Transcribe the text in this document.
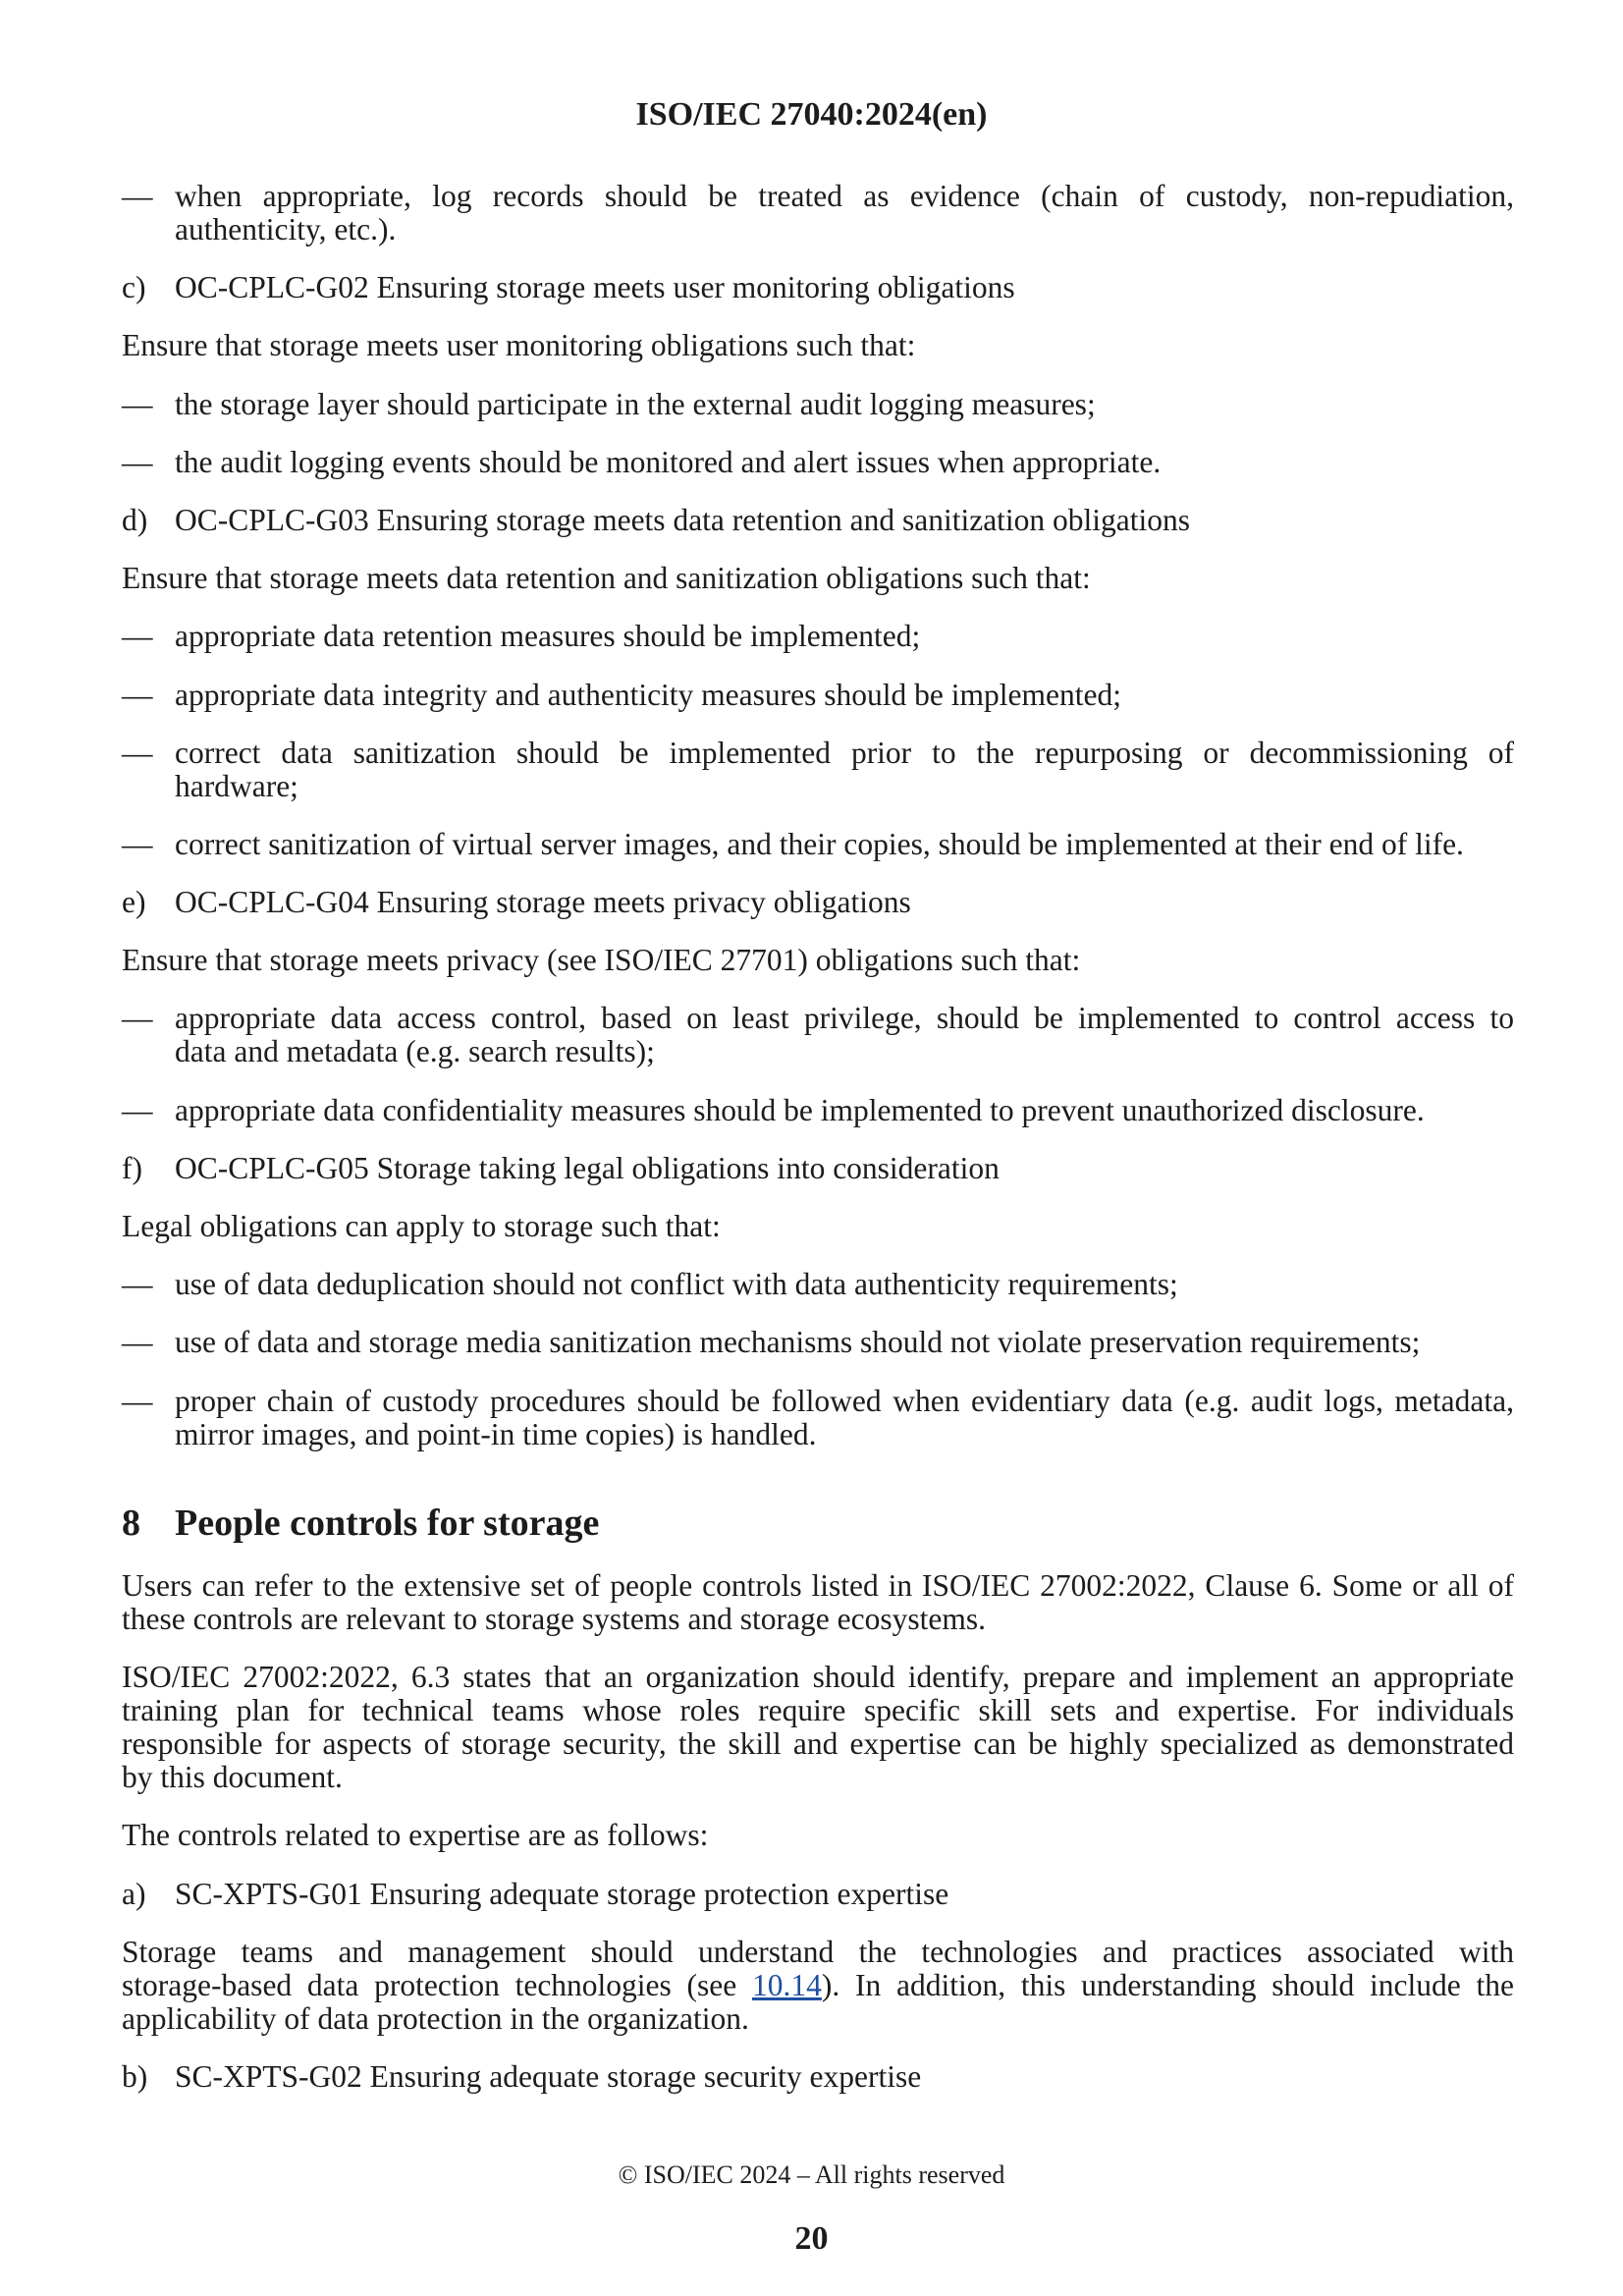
ISO/IEC 27040:2024(en)
— when appropriate, log records should be treated as evidence (chain of custody, non-repudiation,
authenticity, etc.).
c) OC-CPLC-G02 Ensuring storage meets user monitoring obligations
Ensure that storage meets user monitoring obligations such that:
— the storage layer should participate in the external audit logging measures;
— the audit logging events should be monitored and alert issues when appropriate.
d) OC-CPLC-G03 Ensuring storage meets data retention and sanitization obligations
Ensure that storage meets data retention and sanitization obligations such that:
— appropriate data retention measures should be implemented;
— appropriate data integrity and authenticity measures should be implemented;
— correct data sanitization should be implemented prior to the repurposing or decommissioning of
hardware;
— correct sanitization of virtual server images, and their copies, should be implemented at their end of life.
e) OC-CPLC-G04 Ensuring storage meets privacy obligations
Ensure that storage meets privacy (see ISO/IEC 27701) obligations such that:
— appropriate data access control, based on least privilege, should be implemented to control access to
data and metadata (e.g. search results);
— appropriate data confidentiality measures should be implemented to prevent unauthorized disclosure.
f)	OC-CPLC-G05 Storage taking legal obligations into consideration
Legal obligations can apply to storage such that:
— use of data deduplication should not conflict with data authenticity requirements;
— use of data and storage media sanitization mechanisms should not violate preservation requirements;
— proper chain of custody procedures should be followed when evidentiary data (e.g. audit logs, metadata,
mirror images, and point-in time copies) is handled.
8 People controls for storage
Users can refer to the extensive set of people controls listed in ISO/IEC 27002:2022, Clause 6. Some or all of
these controls are relevant to storage systems and storage ecosystems.
ISO/IEC 27002:2022, 6.3 states that an organization should identify, prepare and implement an appropriate
training plan for technical teams whose roles require specific skill sets and expertise. For individuals
responsible for aspects of storage security, the skill and expertise can be highly specialized as demonstrated
by this document.
The controls related to expertise are as follows:
a) SC-XPTS-G01 Ensuring adequate storage protection expertise
Storage teams and management should understand the technologies and practices associated with
storage-based data protection technologies (see 10.14). In addition, this understanding should include the
applicability of data protection in the organization.
b) SC-XPTS-G02 Ensuring adequate storage security expertise
© ISO/IEC 2024 – All rights reserved
20
